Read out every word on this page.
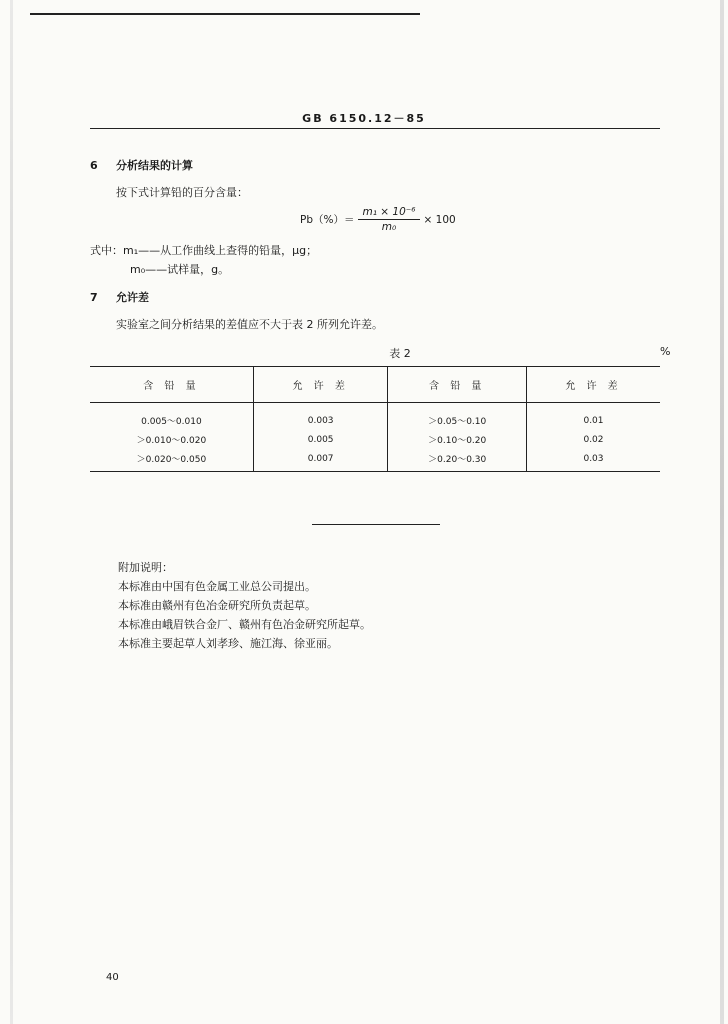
GB 6150.12－85
6 分析结果的计算
按下式计算铅的百分含量：
$Pb(\%)= \frac{\text{m₁ × 10⁻⁶}}{\text{m₀}} \times 100$
式中：m₁——从工作曲线上查得的铅量，μg；
m₀——试样量，g。
7 允许差
实验室之间分析结果的差值应不大于表 2 所列允许差。
表 2	%
含 铅 量	允 许 差	含 铅 量	允 许 差
0.005～0.010	0.003	＞0.05～0.10	0.01
＞0.010～0.020	0.005	＞0.10～0.20	0.02
＞0.020～0.050	0.007	＞0.20～0.30	0.03
附加说明：
本标准由中国有色金属工业总公司提出。
本标准由赣州有色冶金研究所负责起草。
本标准由峨眉铁合金厂、赣州有色冶金研究所起草。
本标准主要起草人刘孝珍、施江海、徐亚丽。
40
